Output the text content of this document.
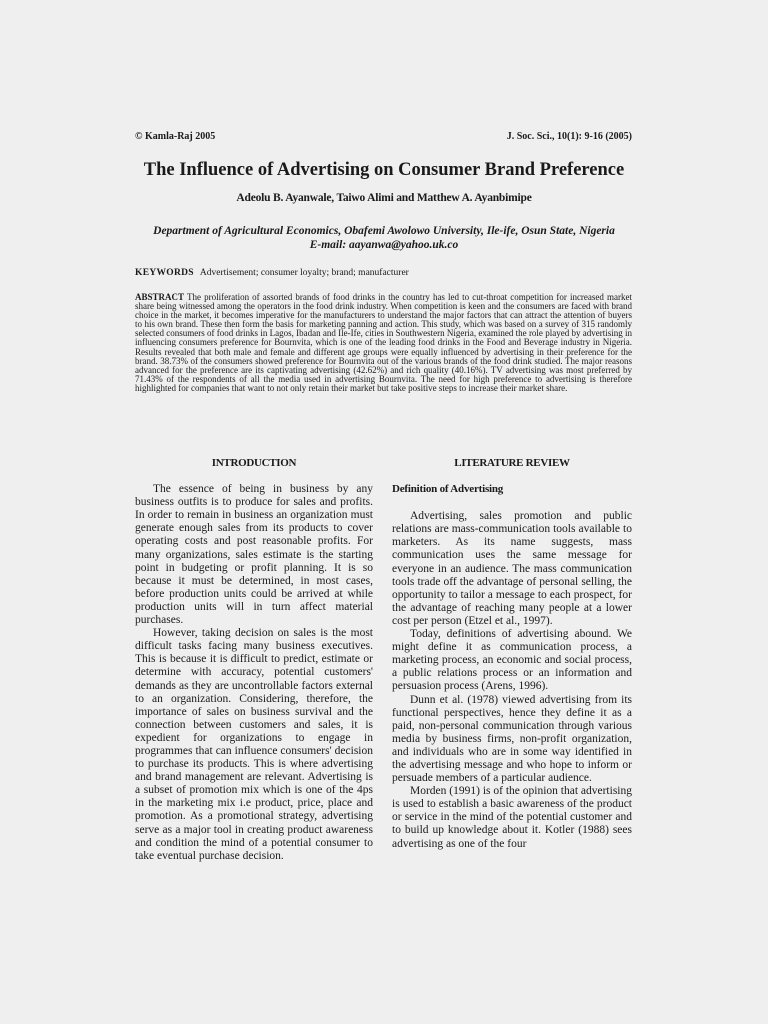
© Kamla-Raj 2005	J. Soc. Sci., 10(1): 9-16 (2005)
The Influence of Advertising on Consumer Brand Preference
Adeolu B. Ayanwale, Taiwo Alimi and Matthew A. Ayanbimipe
Department of Agricultural Economics, Obafemi Awolowo University, Ile-ife, Osun State, Nigeria
E-mail: aayanwa@yahoo.uk.co
KEYWORDS Advertisement; consumer loyalty; brand; manufacturer

ABSTRACT The proliferation of assorted brands of food drinks in the country has led to cut-throat competition for increased market share being witnessed among the operators in the food drink industry. When competition is keen and the consumers are faced with brand choice in the market, it becomes imperative for the manufacturers to understand the major factors that can attract the attention of buyers to his own brand. These then form the basis for marketing panning and action. This study, which was based on a survey of 315 randomly selected consumers of food drinks in Lagos, Ibadan and Ile-Ife, cities in Southwestern Nigeria, examined the role played by advertising in influencing consumers preference for Bournvita, which is one of the leading food drinks in the Food and Beverage industry in Nigeria. Results revealed that both male and female and different age groups were equally influenced by advertising in their preference for the brand. 38.73% of the consumers showed preference for Bournvita out of the various brands of the food drink studied. The major reasons advanced for the preference are its captivating advertising (42.62%) and rich quality (40.16%). TV advertising was most preferred by 71.43% of the respondents of all the media used in advertising Bournvita. The need for high preference to advertising is therefore highlighted for companies that want to not only retain their market but take positive steps to increase their market share.

INTRODUCTION

The essence of being in business by any business outfits is to produce for sales and profits. In order to remain in business an organization must generate enough sales from its products to cover operating costs and post reasonable profits. For many organizations, sales estimate is the starting point in budgeting or profit planning. It is so because it must be determined, in most cases, before production units could be arrived at while production units will in turn affect material purchases.

However, taking decision on sales is the most difficult tasks facing many business executives. This is because it is difficult to predict, estimate or determine with accuracy, potential customers' demands as they are uncontrollable factors external to an organization. Considering, therefore, the importance of sales on business survival and the connection between customers and sales, it is expedient for organizations to engage in programmes that can influence consumers' decision to purchase its products. This is where advertising and brand management are relevant. Advertising is a subset of promotion mix which is one of the 4ps in the marketing mix i.e product, price, place and promotion. As a promotional strategy, advertising serve as a major tool in creating product awareness and condition the mind of a potential consumer to take eventual purchase decision.

LITERATURE REVIEW
Definition of Advertising

Advertising, sales promotion and public relations are mass-communication tools available to marketers. As its name suggests, mass communication uses the same message for everyone in an audience. The mass communication tools trade off the advantage of personal selling, the opportunity to tailor a message to each prospect, for the advantage of reaching many people at a lower cost per person (Etzel et al., 1997).

Today, definitions of advertising abound. We might define it as communication process, a marketing process, an economic and social process, a public relations process or an information and persuasion process (Arens, 1996).

Dunn et al. (1978) viewed advertising from its functional perspectives, hence they define it as a paid, non-personal communication through various media by business firms, non-profit organization, and individuals who are in some way identified in the advertising message and who hope to inform or persuade members of a particular audience.

Morden (1991) is of the opinion that advertising is used to establish a basic awareness of the product or service in the mind of the potential customer and to build up knowledge about it. Kotler (1988) sees advertising as one of the four
